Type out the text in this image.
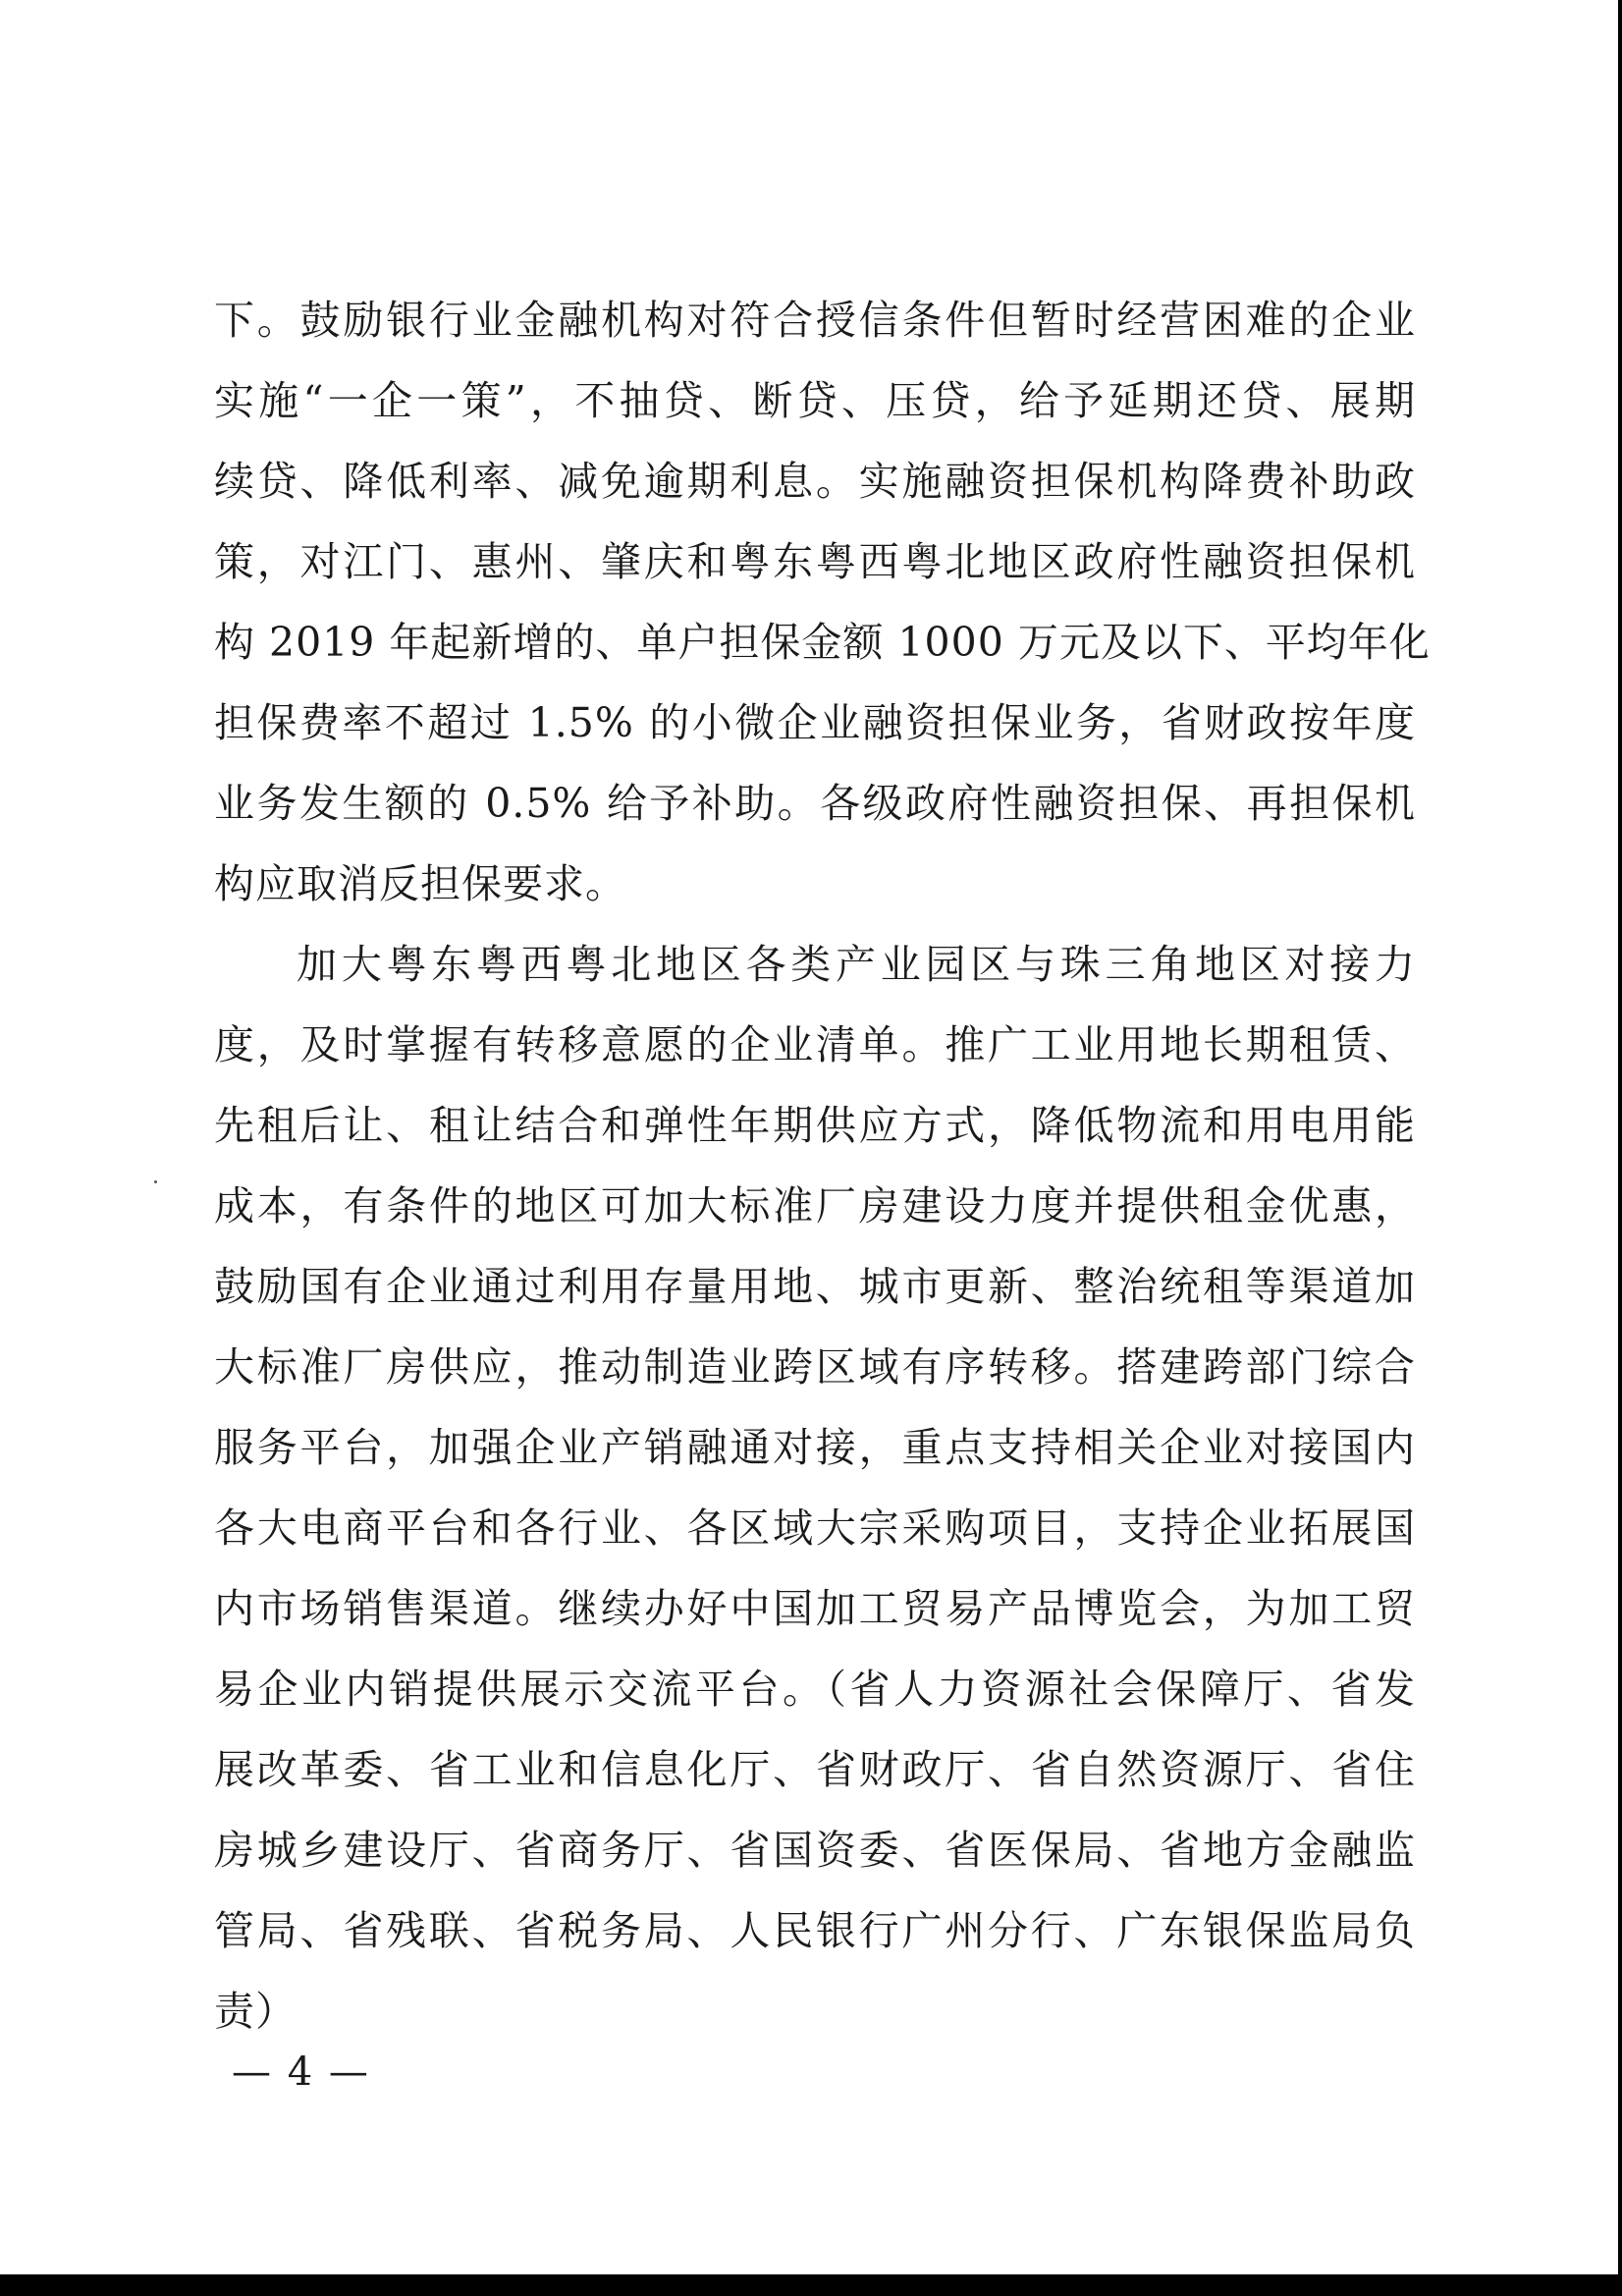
下。鼓励银行业金融机构对符合授信条件但暂时经营困难的企业
实施“一企一策”，不抽贷、断贷、压贷，给予延期还贷、展期
续贷、降低利率、减免逾期利息。实施融资担保机构降费补助政
策，对江门、惠州、肇庆和粤东粤西粤北地区政府性融资担保机
构 2019 年起新增的、单户担保金额 1000 万元及以下、平均年化
担保费率不超过 1.5% 的小微企业融资担保业务，省财政按年度
业务发生额的 0.5% 给予补助。各级政府性融资担保、再担保机
构应取消反担保要求。
加大粤东粤西粤北地区各类产业园区与珠三角地区对接力
度，及时掌握有转移意愿的企业清单。推广工业用地长期租赁、
先租后让、租让结合和弹性年期供应方式，降低物流和用电用能
成本，有条件的地区可加大标准厂房建设力度并提供租金优惠，
鼓励国有企业通过利用存量用地、城市更新、整治统租等渠道加
大标准厂房供应，推动制造业跨区域有序转移。搭建跨部门综合
服务平台，加强企业产销融通对接，重点支持相关企业对接国内
各大电商平台和各行业、各区域大宗采购项目，支持企业拓展国
内市场销售渠道。继续办好中国加工贸易产品博览会，为加工贸
易企业内销提供展示交流平台。（省人力资源社会保障厅、省发
展改革委、省工业和信息化厅、省财政厅、省自然资源厅、省住
房城乡建设厅、省商务厅、省国资委、省医保局、省地方金融监
管局、省残联、省税务局、人民银行广州分行、广东银保监局负
责）
— 4 —
